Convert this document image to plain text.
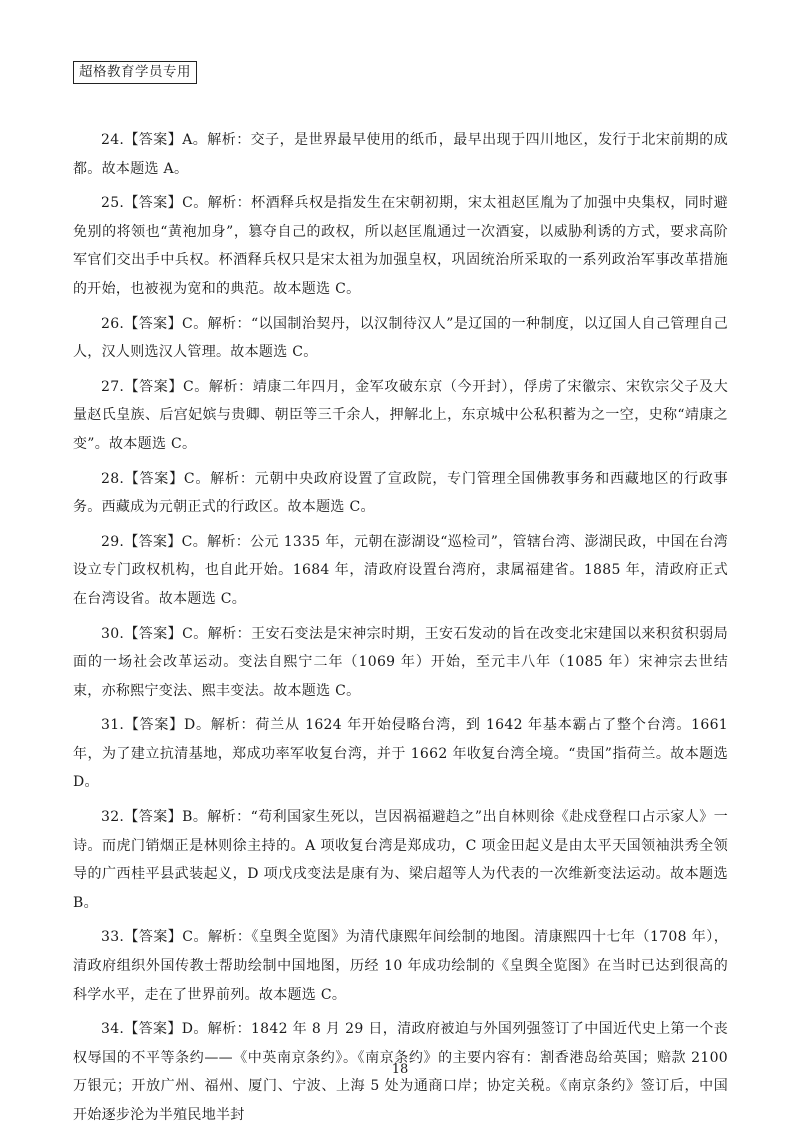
超格教育学员专用

24.【答案】A。解析：交子，是世界最早使用的纸币，最早出现于四川地区，发行于北宋前期的成都。故本题选 A。

25.【答案】C。解析：杯酒释兵权是指发生在宋朝初期，宋太祖赵匡胤为了加强中央集权，同时避免别的将领也“黄袍加身”，篡夺自己的政权，所以赵匡胤通过一次酒宴，以威胁利诱的方式，要求高阶军官们交出手中兵权。杯酒释兵权只是宋太祖为加强皇权，巩固统治所采取的一系列政治军事改革措施的开始，也被视为宽和的典范。故本题选 C。

26.【答案】C。解析：“以国制治契丹，以汉制待汉人”是辽国的一种制度，以辽国人自己管理自己人，汉人则选汉人管理。故本题选 C。

27.【答案】C。解析：靖康二年四月，金军攻破东京（今开封），俘虏了宋徽宗、宋钦宗父子及大量赵氏皇族、后宫妃嫔与贵卿、朝臣等三千余人，押解北上，东京城中公私积蓄为之一空，史称“靖康之变”。故本题选 C。

28.【答案】C。解析：元朝中央政府设置了宣政院，专门管理全国佛教事务和西藏地区的行政事务。西藏成为元朝正式的行政区。故本题选 C。

29.【答案】C。解析：公元 1335 年，元朝在澎湖设“巡检司”，管辖台湾、澎湖民政，中国在台湾设立专门政权机构，也自此开始。1684 年，清政府设置台湾府，隶属福建省。1885 年，清政府正式在台湾设省。故本题选 C。

30.【答案】C。解析：王安石变法是宋神宗时期，王安石发动的旨在改变北宋建国以来积贫积弱局面的一场社会改革运动。变法自熙宁二年（1069 年）开始，至元丰八年（1085 年）宋神宗去世结束，亦称熙宁变法、熙丰变法。故本题选 C。

31.【答案】D。解析：荷兰从 1624 年开始侵略台湾，到 1642 年基本霸占了整个台湾。1661 年，为了建立抗清基地，郑成功率军收复台湾，并于 1662 年收复台湾全境。“贵国”指荷兰。故本题选 D。

32.【答案】B。解析：“苟利国家生死以，岂因祸福避趋之”出自林则徐《赴戍登程口占示家人》一诗。而虎门销烟正是林则徐主持的。A 项收复台湾是郑成功，C 项金田起义是由太平天国领袖洪秀全领导的广西桂平县武装起义，D 项戊戌变法是康有为、梁启超等人为代表的一次维新变法运动。故本题选 B。

33.【答案】C。解析：《皇舆全览图》为清代康熙年间绘制的地图。清康熙四十七年（1708 年），清政府组织外国传教士帮助绘制中国地图，历经 10 年成功绘制的《皇舆全览图》在当时已达到很高的科学水平，走在了世界前列。故本题选 C。

34.【答案】D。解析：1842 年 8 月 29 日，清政府被迫与外国列强签订了中国近代史上第一个丧权辱国的不平等条约——《中英南京条约》。《南京条约》的主要内容有：割香港岛给英国；赔款 2100 万银元；开放广州、福州、厦门、宁波、上海 5 处为通商口岸；协定关税。《南京条约》签订后，中国开始逐步沦为半殖民地半封

18
